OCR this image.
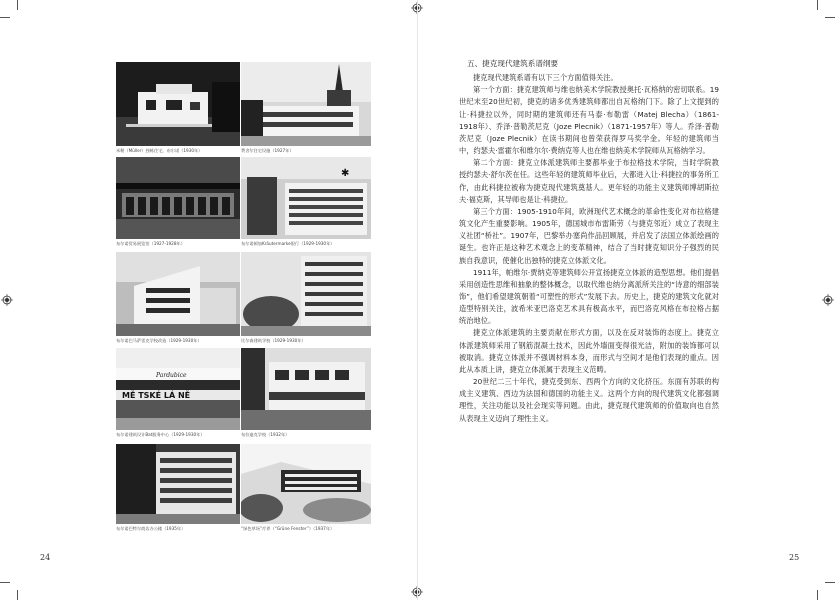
米勒（Müller）独栋住宅，布尔诺（1930年）	费舍尔住宅设施（1927年）
布尔诺贸易展览馆（1927-1928年）
✱
布尔诺顿加Kräutermarke银行（1929-1930年）
布尔诺巴马萨雷克学校改造（1929-1930年）	比尔森建筑学校（1929-1930年）
Pardubice
MĚ TSKÉ LÁ NĚ
布尔诺建筑设计Bat服务中心（1929-1930年）	布拉迪克学校（1932年）
布尔诺巴特尔商店办公楼（1935年）	“绿色草场”疗养（“Grüne Fenster”）（1937年）
24
五、捷克现代建筑系谱纲要

捷克现代建筑系谱有以下三个方面值得关注。

第一个方面：捷克建筑师与维也纳美术学院教授奥托·瓦格纳的密切联系。19世纪末至20世纪初，捷克的诸多优秀建筑师都出自瓦格纳门下。除了上文提到的让·科捷拉以外，同时期的建筑师还有马泰·布勒雷（Matej Blecha）（1861-1918年）、乔泽·普勒茨尼克（Joze Plecnik）（1871-1957年）等人。乔泽·普勒茨尼克（Joze Plecnik）在读书期间也曾荣获得罗马奖学金。年轻的建筑师当中，约瑟夫·雷霍尔和维尔尔·费纳克等人也在维也纳美术学院师从瓦格纳学习。

第二个方面：捷克立体派建筑师主要都毕业于布拉格技术学院，当时学院教授约瑟夫·舒尔茨在任。这些年轻的建筑师毕业后，大都进入让·科捷拉的事务所工作，由此科捷拉被称为捷克现代建筑奠基人。更年轻的功能主义建筑师博胡斯拉夫·福克斯，其导师也是让·科捷拉。

第三个方面：1905-1910年间，欧洲现代艺术概念的革命性变化对布拉格建筑文化产生重要影响。1905年，德国城市布雷斯劳（与捷克邻近）成立了表现主义社团“桥社”。1907年，巴黎举办塞尚作品回顾展，并启发了法国立体派绘画的诞生。也许正是这种艺术观念上的变革精神，结合了当时捷克知识分子强烈的民族自我意识，使催化出独特的捷克立体派文化。

1911年，帕维尔·贾纳克等建筑师公开宣扬捷克立体派的造型思想。他们提倡采用创造性思维和抽象的整体概念，以取代维也纳分离派所关注的“诗意的细部装饰”，他们希望建筑朝着“可塑性的形式”发展下去。历史上，捷克的建筑文化就对造型特别关注，波希米亚巴洛克艺术具有极高水平，而巴洛克风格在布拉格占据统治地位。

捷克立体派建筑的主要贡献在形式方面，以及在反对装饰的态度上。捷克立体派建筑师采用了钢筋混凝土技术，因此外墙面变得很光洁，附加的装饰都可以被取消。捷克立体派并不强调材料本身，而形式与空间才是他们表现的重点。因此从本质上讲，捷克立体派属于表现主义范畴。

20世纪二三十年代，捷克受到东、西两个方向的文化挤压。东面有苏联的构成主义建筑、西边为法国和德国的功能主义。这两个方向的现代建筑文化都强调理性，关注功能以及社会现实等问题。由此，捷克现代建筑师的价值取向也自然从表现主义迈向了理性主义。

25
